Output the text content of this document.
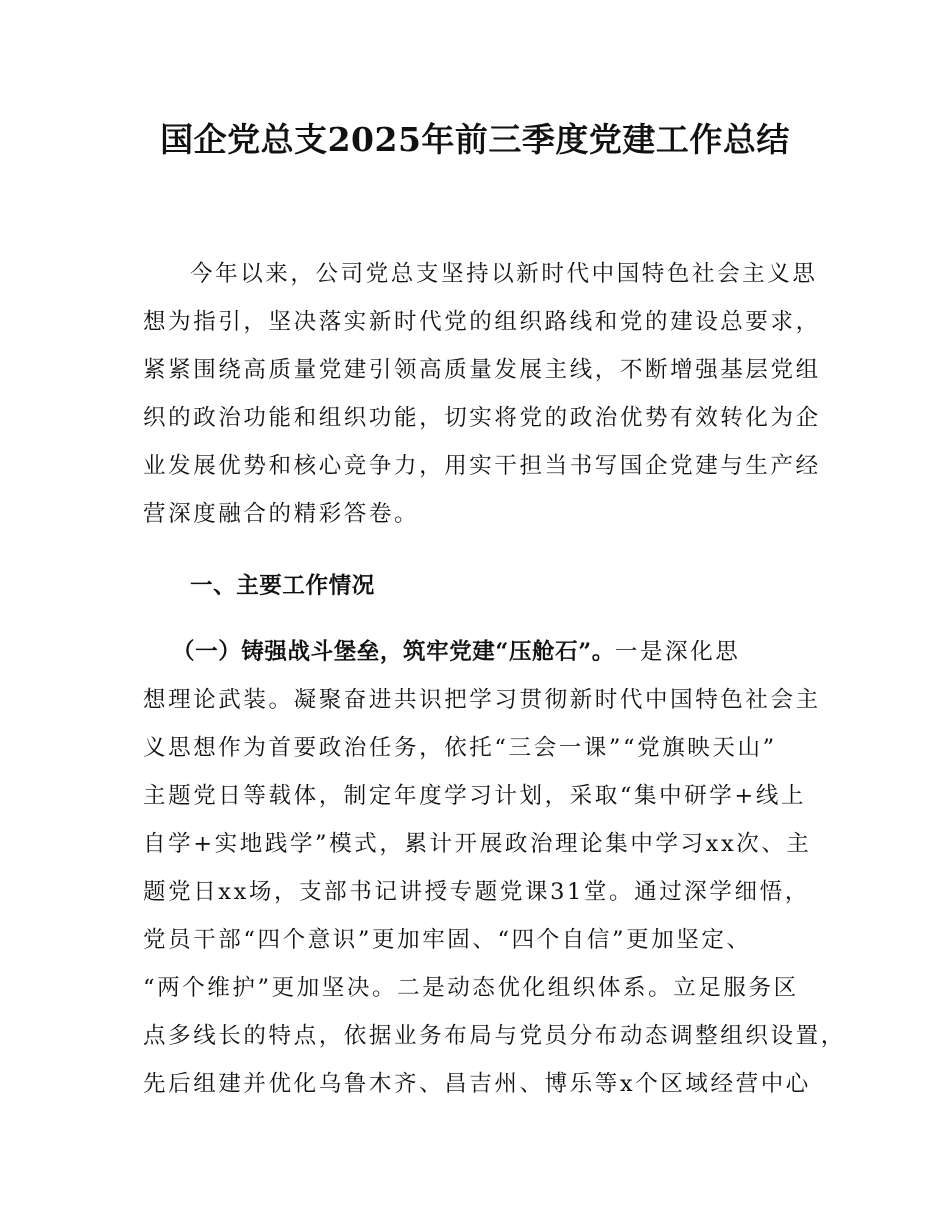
国企党总支2025年前三季度党建工作总结

今年以来，公司党总支坚持以新时代中国特色社会主义思

想为指引，坚决落实新时代党的组织路线和党的建设总要求，

紧紧围绕高质量党建引领高质量发展主线，不断增强基层党组

织的政治功能和组织功能，切实将党的政治优势有效转化为企

业发展优势和核心竞争力，用实干担当书写国企党建与生产经

营深度融合的精彩答卷。

一、主要工作情况

（一）铸强战斗堡垒，筑牢党建“压舱石”。一是深化思

想理论武装。凝聚奋进共识把学习贯彻新时代中国特色社会主

义思想作为首要政治任务，依托“三会一课”“党旗映天山”

主题党日等载体，制定年度学习计划，采取“集中研学+线上

自学+实地践学”模式，累计开展政治理论集中学习xx次、主

题党日xx场，支部书记讲授专题党课31堂。通过深学细悟，

党员干部“四个意识”更加牢固、“四个自信”更加坚定、

“两个维护”更加坚决。二是动态优化组织体系。立足服务区

点多线长的特点，依据业务布局与党员分布动态调整组织设置，

先后组建并优化乌鲁木齐、昌吉州、博乐等x个区域经营中心
